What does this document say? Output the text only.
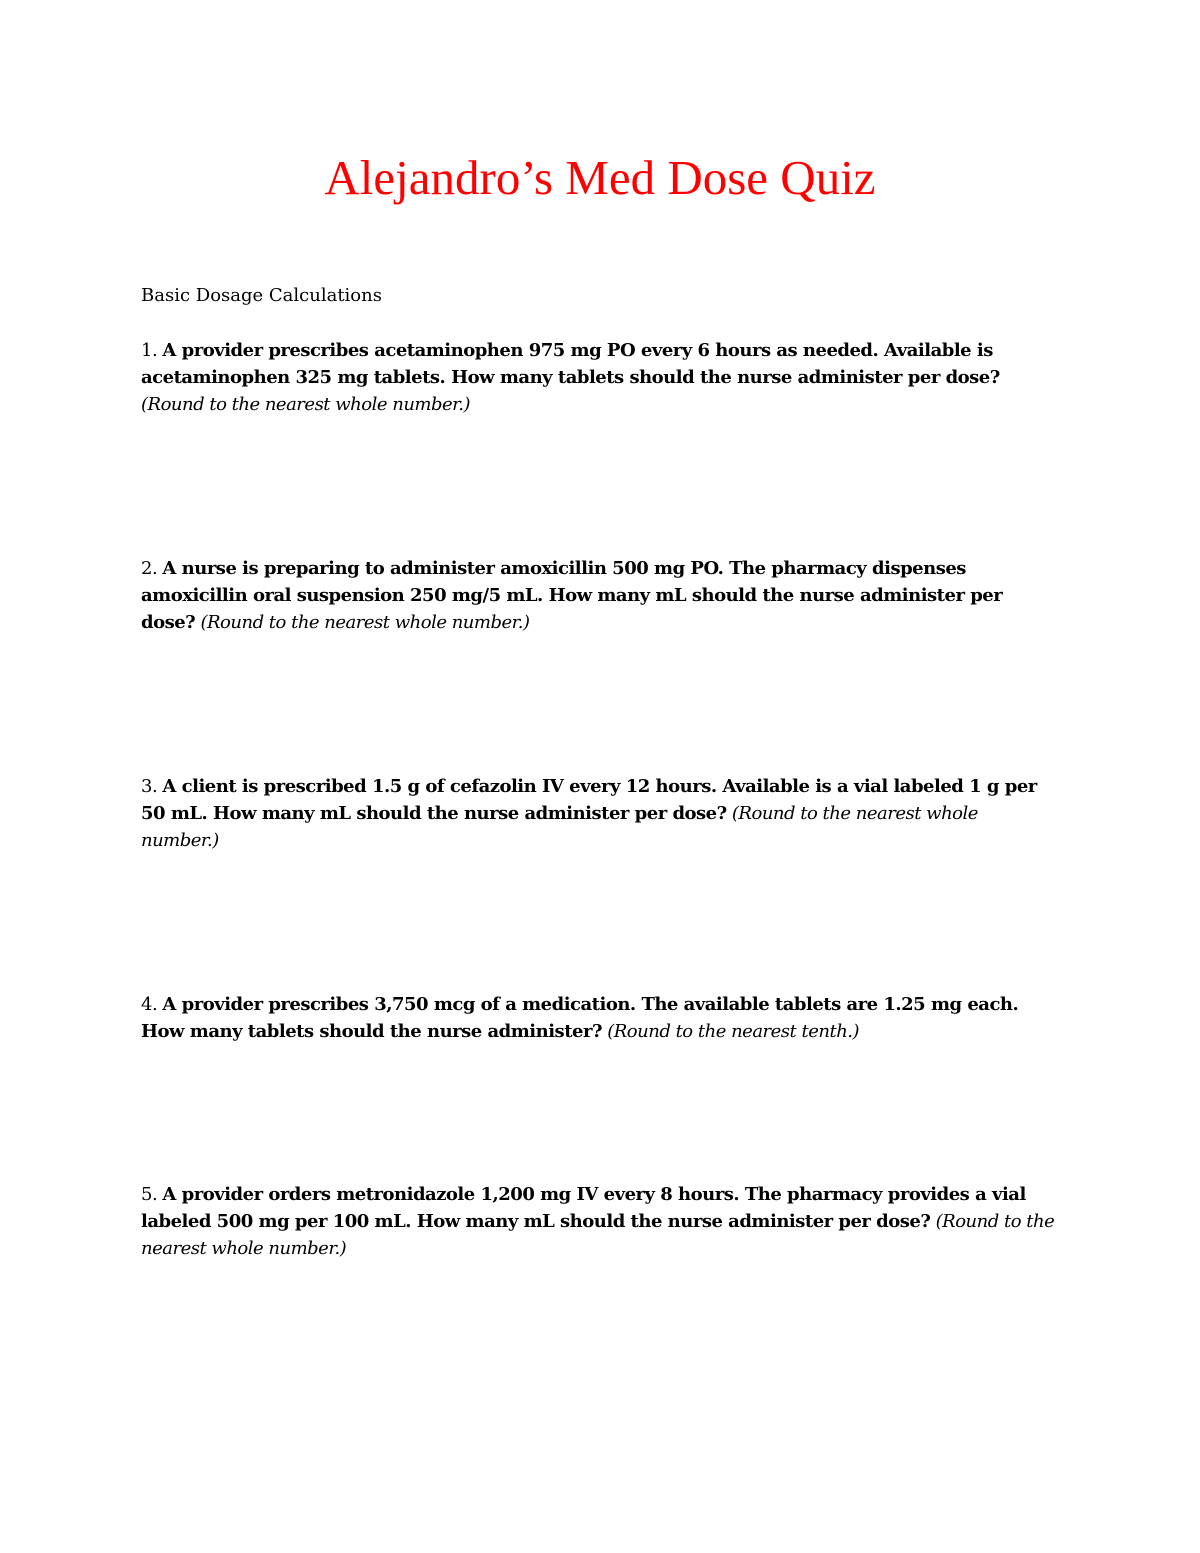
Alejandro’s Med Dose Quiz

Basic Dosage Calculations

1. A provider prescribes acetaminophen 975 mg PO every 6 hours as needed. Available is acetaminophen 325 mg tablets. How many tablets should the nurse administer per dose? (Round to the nearest whole number.)

2. A nurse is preparing to administer amoxicillin 500 mg PO. The pharmacy dispenses amoxicillin oral suspension 250 mg/5 mL. How many mL should the nurse administer per dose? (Round to the nearest whole number.)

3. A client is prescribed 1.5 g of cefazolin IV every 12 hours. Available is a vial labeled 1 g per 50 mL. How many mL should the nurse administer per dose? (Round to the nearest whole number.)

4. A provider prescribes 3,750 mcg of a medication. The available tablets are 1.25 mg each. How many tablets should the nurse administer? (Round to the nearest tenth.)

5. A provider orders metronidazole 1,200 mg IV every 8 hours. The pharmacy provides a vial labeled 500 mg per 100 mL. How many mL should the nurse administer per dose? (Round to the nearest whole number.)
